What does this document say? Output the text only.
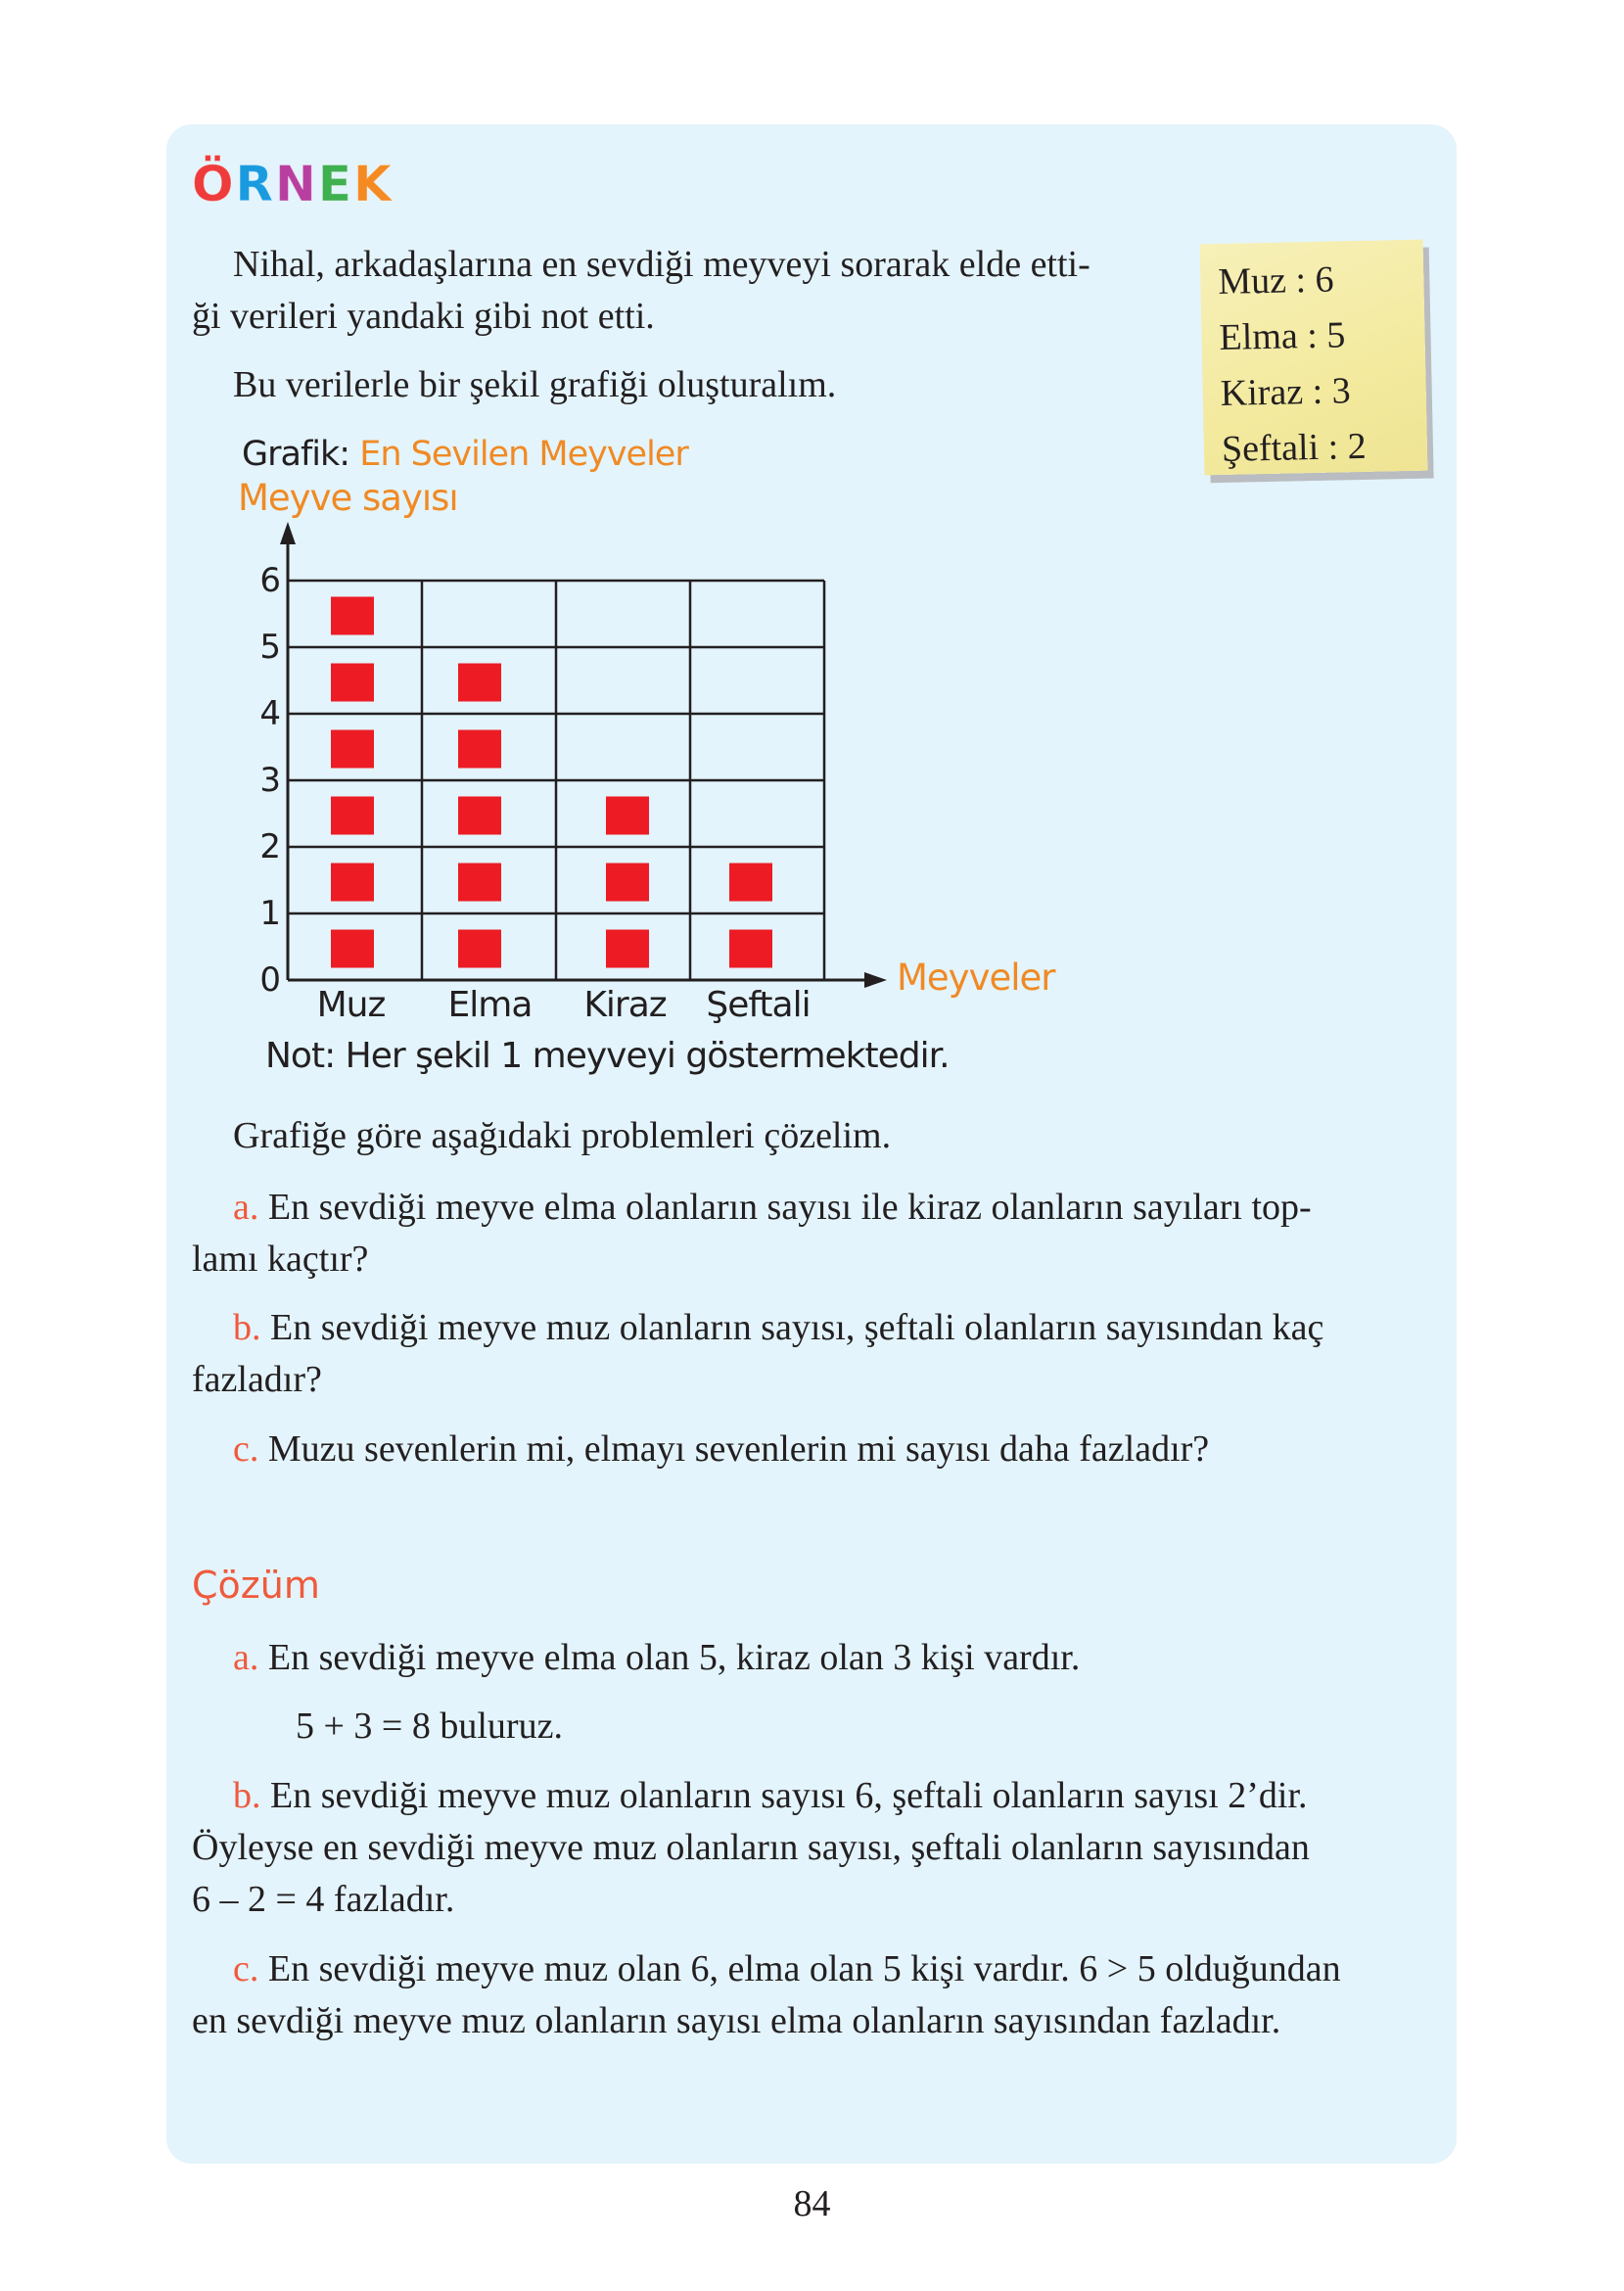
ÖRNEK

Nihal, arkadaşlarına en sevdiği meyveyi sorarak elde etti-

ği verileri yandaki gibi not etti.

Bu verilerle bir şekil grafiği oluşturalım.

Muz : 6
Elma : 5
Kiraz : 3
Şeftali : 2
Grafik: En Sevilen Meyveler
Meyve sayısı
Meyveler
0
1
2
3
4
5
6
Muz	Elma	Kiraz	Şeftali
Not: Her şekil 1 meyveyi göstermektedir.

Grafiğe göre aşağıdaki problemleri çözelim.

a. En sevdiği meyve elma olanların sayısı ile kiraz olanların sayıları top-

lamı kaçtır?

b. En sevdiği meyve muz olanların sayısı, şeftali olanların sayısından kaç

fazladır?

c. Muzu sevenlerin mi, elmayı sevenlerin mi sayısı daha fazladır?

Çözüm

a. En sevdiği meyve elma olan 5, kiraz olan 3 kişi vardır.

5 + 3 = 8 buluruz.

b. En sevdiği meyve muz olanların sayısı 6, şeftali olanların sayısı 2’dir.

Öyleyse en sevdiği meyve muz olanların sayısı, şeftali olanların sayısından

6 – 2 = 4 fazladır.

c. En sevdiği meyve muz olan 6, elma olan 5 kişi vardır. 6 > 5 olduğundan

en sevdiği meyve muz olanların sayısı elma olanların sayısından fazladır.

84
